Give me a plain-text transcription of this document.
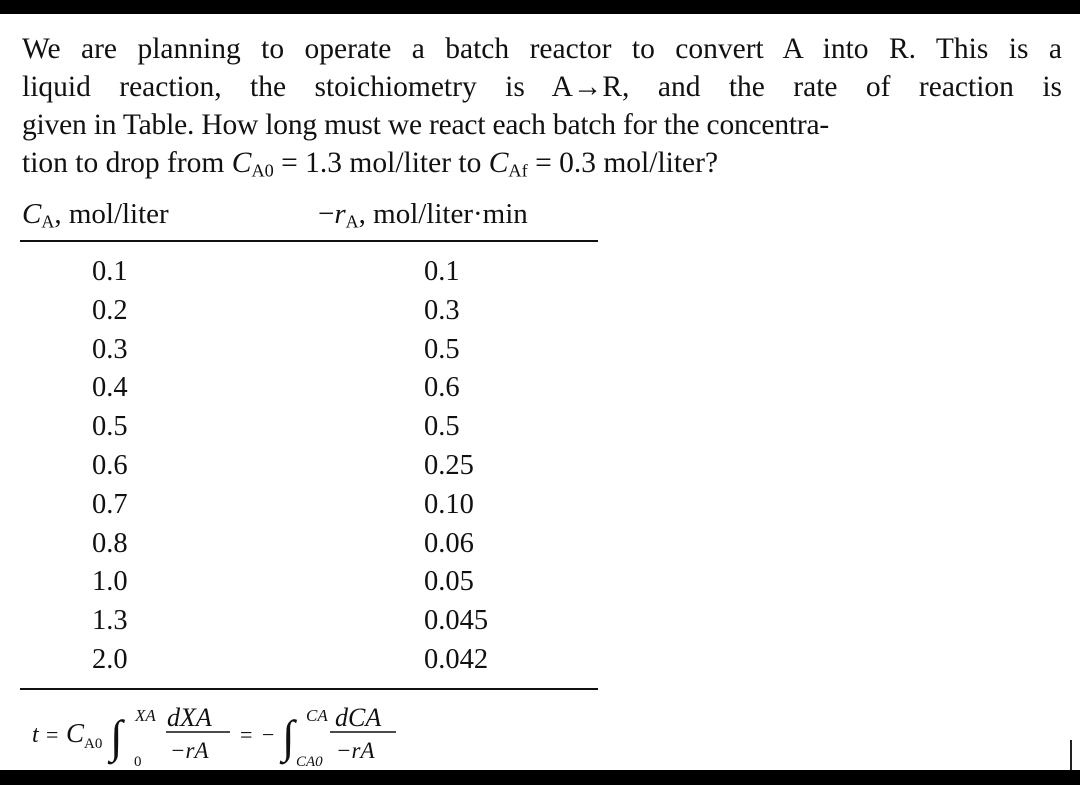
We are planning to operate a batch reactor to convert A into R. This is a
liquid reaction, the stoichiometry is A→R, and the rate of reaction is
given in Table. How long must we react each batch for the concentra-
tion to drop from $C_{A0} = 1.3$ mol/liter to $C_{Af} = 0.3$ mol/liter?
$C_A$, mol/liter	$-r_A$, mol/liter·min
0.1	0.1
0.2	0.3
0.3	0.5
0.4	0.6
0.5	0.5
0.6	0.25
0.7	0.10
0.8	0.06
1.0	0.05
1.3	0.045
2.0	0.042
t = C A0 ∫ XA
0
dXA
−rA
= − ∫ CA
CA0
dCA
−rA
